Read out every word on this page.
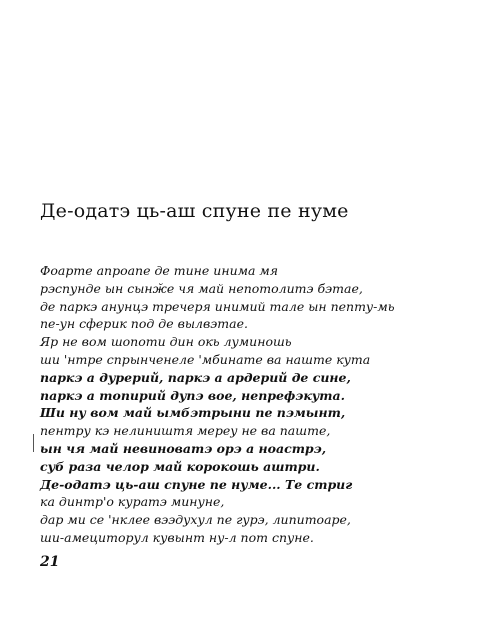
Де-одатэ ць-аш спуне пе нуме
Фоарте апроапе де тине инима мя
рэспунде ын сынӂе чя май непотолитэ бэтае,
де паркэ анунцэ тречеря инимий тале ын пепту-мь
пе-ун сферик под де вылвэтае.
Яр не вом шопоти дин окь луминошь
ши 'нтре спрынченеле 'мбинате ва наште кута
паркэ а дурерий, паркэ а ардерий де сине,
паркэ а топирий дупэ вое, непрефэкута.
Ши ну вом май ымбэтрыни пе пэмынт,
пентру кэ нелиништя мереу не ва паште,
ын чя май невиноватэ орэ а ноастрэ,
суб раза челор май корокошь аштри.
Де-одатэ ць-аш спуне пе нуме... Те стриг
ка динтр'о куратэ минуне,
дар ми се 'нклее вээдухул пе гурэ, липитоаре,
ши-амециторул кувынт ну-л пот спуне.
21
